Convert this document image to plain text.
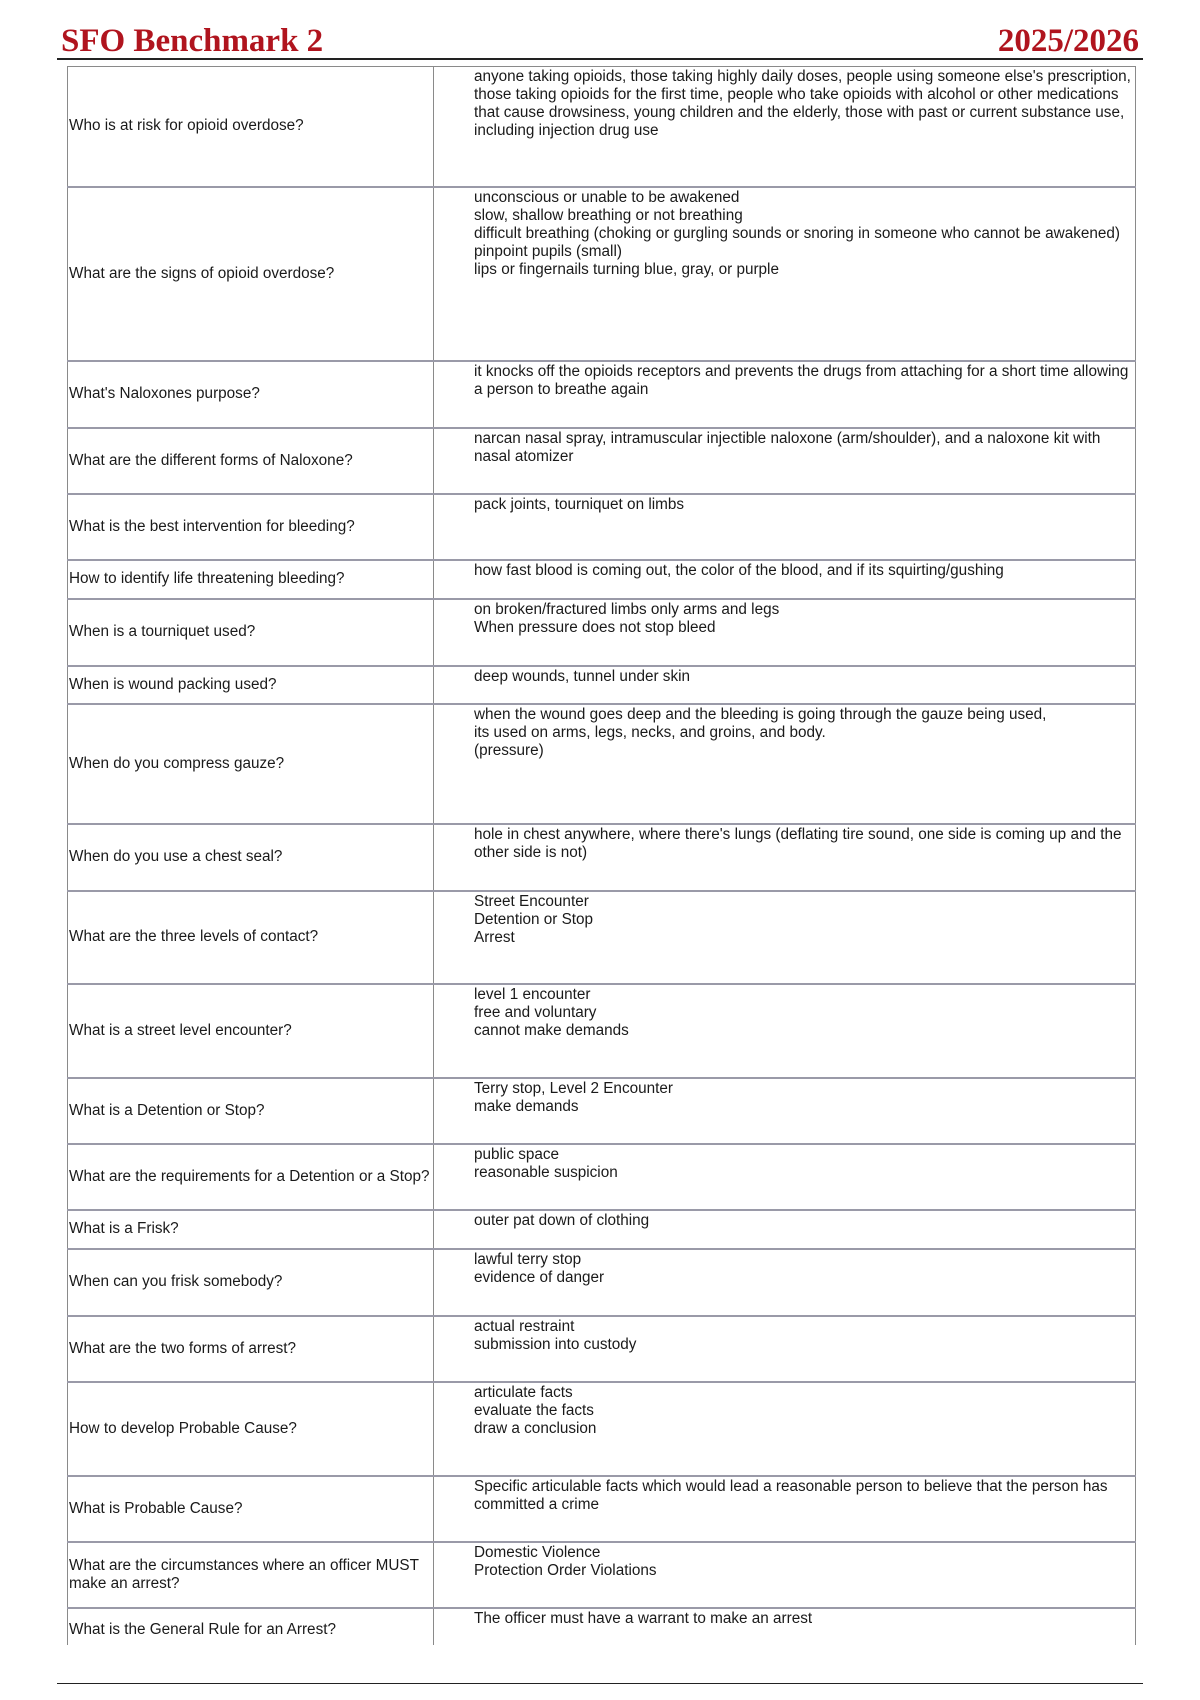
SFO Benchmark 2	2025/2026
Who is at risk for opioid overdose?	anyone taking opioids, those taking highly daily doses, people using someone else's prescription, those taking opioids for the first time, people who take opioids with alcohol or other medications that cause drowsiness, young children and the elderly, those with past or current substance use, including injection drug use

What are the signs of opioid overdose?	unconscious or unable to be awakened
slow, shallow breathing or not breathing
difficult breathing (choking or gurgling sounds or snoring in someone who cannot be awakened)
pinpoint pupils (small)
lips or fingernails turning blue, gray, or purple

What's Naloxones purpose?	it knocks off the opioids receptors and prevents the drugs from attaching for a short time allowing a person to breathe again

What are the different forms of Naloxone?	narcan nasal spray, intramuscular injectible naloxone (arm/shoulder), and a naloxone kit with nasal atomizer

What is the best intervention for bleeding?	pack joints, tourniquet on limbs

How to identify life threatening bleeding?	how fast blood is coming out, the color of the blood, and if its squirting/gushing

When is a tourniquet used?	on broken/fractured limbs only arms and legs
When pressure does not stop bleed

When is wound packing used?	deep wounds, tunnel under skin

When do you compress gauze?	when the wound goes deep and the bleeding is going through the gauze being used,
its used on arms, legs, necks, and groins, and body.
(pressure)

When do you use a chest seal?	hole in chest anywhere, where there's lungs (deflating tire sound, one side is coming up and the other side is not)

What are the three levels of contact?	Street Encounter
Detention or Stop
Arrest

What is a street level encounter?	level 1 encounter
free and voluntary
cannot make demands

What is a Detention or Stop?	Terry stop, Level 2 Encounter
make demands

What are the requirements for a Detention or a Stop?	public space
reasonable suspicion

What is a Frisk?	outer pat down of clothing

When can you frisk somebody?	lawful terry stop
evidence of danger

What are the two forms of arrest?	actual restraint
submission into custody

How to develop Probable Cause?	articulate facts
evaluate the facts
draw a conclusion

What is Probable Cause?	Specific articulable facts which would lead a reasonable person to believe that the person has committed a crime

What are the circumstances where an officer MUST make an arrest?	Domestic Violence
Protection Order Violations

What is the General Rule for an Arrest?	The officer must have a warrant to make an arrest
